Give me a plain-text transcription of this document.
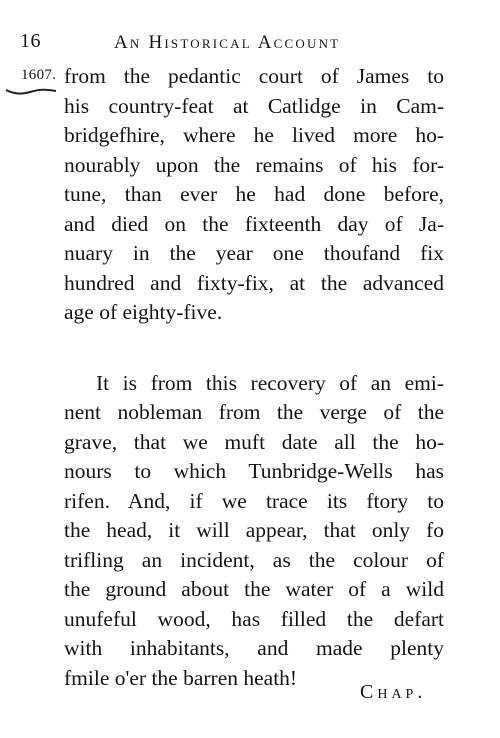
16	An Historical Account
1607. from the pedantic court of James to
his country-feat at Catlidge in Cam-
bridgefhire, where he lived more ho-
nourably upon the remains of his for-
tune, than ever he had done before,
and died on the fixteenth day of Ja-
nuary in the year one thoufand fix
hundred and fixty-fix, at the advanced
age of eighty-five.
It is from this recovery of an emi-
nent nobleman from the verge of the
grave, that we muft date all the ho-
nours to which Tunbridge-Wells has
rifen. And, if we trace its ftory to
the head, it will appear, that only fo
trifling an incident, as the colour of
the ground about the water of a wild
unufeful wood, has filled the defart
with inhabitants, and made plenty
fmile o'er the barren heath!
Chap.
